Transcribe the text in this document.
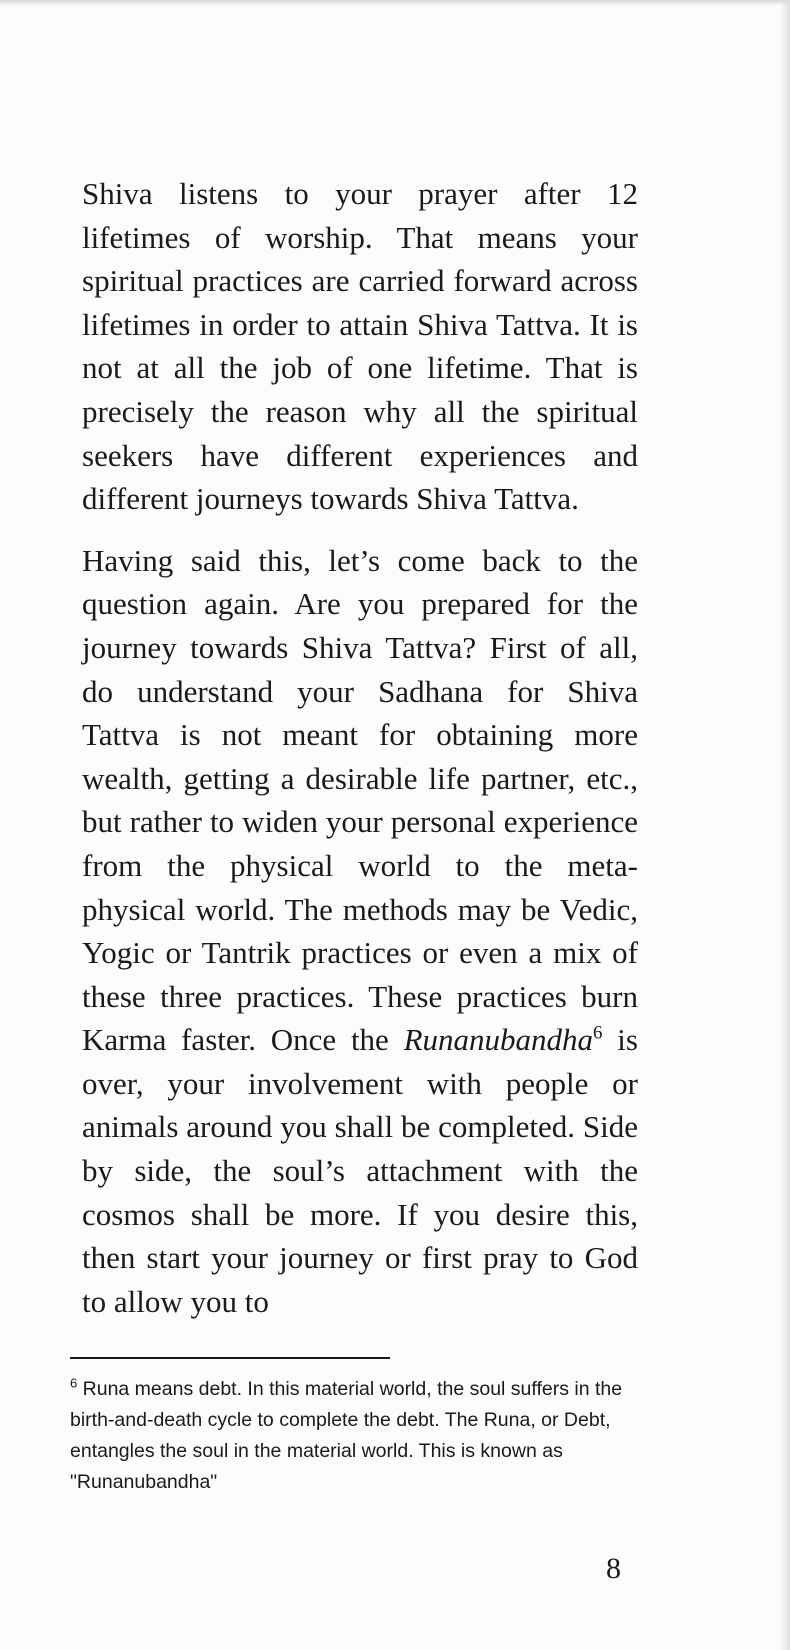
Shiva listens to your prayer after 12 lifetimes of worship. That means your spiritual practices are carried forward across lifetimes in order to attain Shiva Tattva. It is not at all the job of one lifetime. That is precisely the reason why all the spiritual seekers have different experiences and different journeys towards Shiva Tattva.

Having said this, let’s come back to the question again. Are you prepared for the journey towards Shiva Tattva? First of all, do understand your Sadhana for Shiva Tattva is not meant for obtaining more wealth, getting a desirable life partner, etc., but rather to widen your personal experience from the physical world to the meta-physical world. The methods may be Vedic, Yogic or Tantrik practices or even a mix of these three practices. These practices burn Karma faster. Once the Runanubandha$^6$ is over, your involvement with people or animals around you shall be completed. Side by side, the soul’s attachment with the cosmos shall be more. If you desire this, then start your journey or first pray to God to allow you to

$^6$ Runa means debt. In this material world, the soul suffers in the birth-and-death cycle to complete the debt. The Runa, or Debt, entangles the soul in the material world. This is known as "Runanubandha"

8
